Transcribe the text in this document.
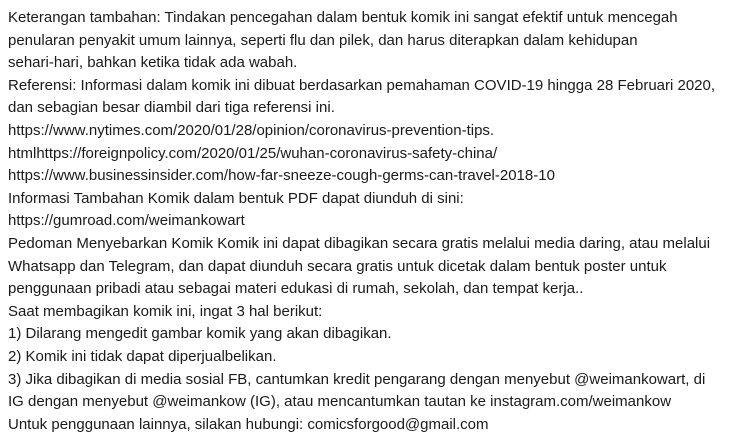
Keterangan tambahan: Tindakan pencegahan dalam bentuk komik ini sangat efektif untuk mencegah
penularan penyakit umum lainnya, seperti flu dan pilek, dan harus diterapkan dalam kehidupan
sehari-hari, bahkan ketika tidak ada wabah.
Referensi: Informasi dalam komik ini dibuat berdasarkan pemahaman COVID-19 hingga 28 Februari 2020,
dan sebagian besar diambil dari tiga referensi ini.
https://www.nytimes.com/2020/01/28/opinion/coronavirus-prevention-tips.
htmlhttps://foreignpolicy.com/2020/01/25/wuhan-coronavirus-safety-china/
https://www.businessinsider.com/how-far-sneeze-cough-germs-can-travel-2018-10
Informasi Tambahan Komik dalam bentuk PDF dapat diunduh di sini:
https://gumroad.com/weimankowart
Pedoman Menyebarkan Komik Komik ini dapat dibagikan secara gratis melalui media daring, atau melalui
Whatsapp dan Telegram, dan dapat diunduh secara gratis untuk dicetak dalam bentuk poster untuk
penggunaan pribadi atau sebagai materi edukasi di rumah, sekolah, dan tempat kerja..
Saat membagikan komik ini, ingat 3 hal berikut:
1) Dilarang mengedit gambar komik yang akan dibagikan.
2) Komik ini tidak dapat diperjualbelikan.
3) Jika dibagikan di media sosial FB, cantumkan kredit pengarang dengan menyebut @weimankowart, di
IG dengan menyebut @weimankow (IG), atau mencantumkan tautan ke instagram.com/weimankow
Untuk penggunaan lainnya, silakan hubungi: comicsforgood@gmail.com
